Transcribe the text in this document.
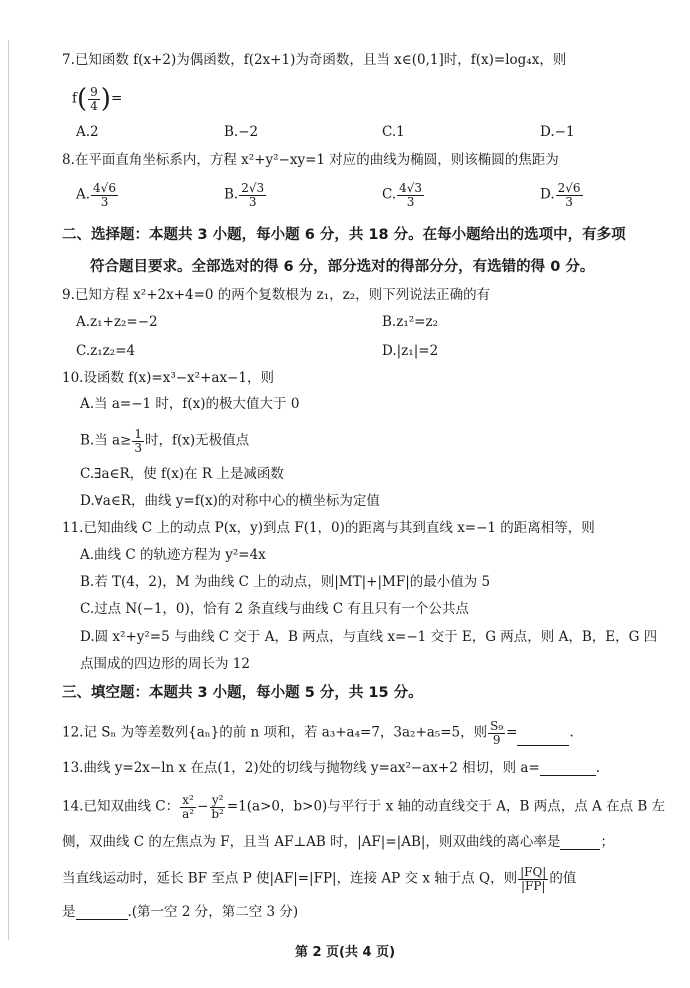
7.已知函数 f(x+2)为偶函数，f(2x+1)为奇函数，且当 x∈(0,1]时，f(x)=log₄x，则
$f( \frac{9}{4}$ )=
A.2	B.−2	C.1	D.−1
8.在平面直角坐标系内，方程 x²+y²−xy=1 对应的曲线为椭圆，则该椭圆的焦距为
A. $\frac{4√6}{3}$	B. $\frac{2√3}{3}$	C. $\frac{4√3}{3}$	D. $\frac{2√6}{3}$
二、选择题：本题共 3 小题，每小题 6 分，共 18 分。在每小题给出的选项中，有多项
符合题目要求。全部选对的得 6 分，部分选对的得部分分，有选错的得 0 分。
9.已知方程 x²+2x+4=0 的两个复数根为 z₁，z₂，则下列说法正确的有
A.z₁+z₂=−2	B.z₁²=z₂
C.z₁z₂=4	D.|z₁|=2
10.设函数 f(x)=x³−x²+ax−1，则
A.当 a=−1 时，f(x)的极大值大于 0
B.当 $a\ge \frac{1}{3}$ 时，f(x)无极值点
C.∃a∈R，使 f(x)在 R 上是减函数
D.∀a∈R，曲线 y=f(x)的对称中心的横坐标为定值
11.已知曲线 C 上的动点 P(x，y)到点 F(1，0)的距离与其到直线 x=−1 的距离相等，则
A.曲线 C 的轨迹方程为 y²=4x
B.若 T(4，2)，M 为曲线 C 上的动点，则|MT|+|MF|的最小值为 5
C.过点 N(−1，0)，恰有 2 条直线与曲线 C 有且只有一个公共点
D.圆 x²+y²=5 与曲线 C 交于 A，B 两点，与直线 x=−1 交于 E，G 两点，则 A，B，E，G 四
点围成的四边形的周长为 12
三、填空题：本题共 3 小题，每小题 5 分，共 15 分。
12.记 Sₙ 为等差数列{aₙ}的前 n 项和，若 a₃+a₄=7，3a₂+a₅=5，则 $\frac{\text{S₉}}{9}$ =	.
13.曲线 y=2x−ln x 在点(1，2)处的切线与抛物线 y=ax²−ax+2 相切，则 a=	.
14.已知双曲线 C： $\frac{\text{x²}}{\text{a²}} - \frac{\text{y²}}{\text{b²}} =1(a>0$，b>0)与平行于 x 轴的动直线交于 A，B 两点，点 A 在点 B 左
侧，双曲线 C 的左焦点为 F，且当 AF⊥AB 时，|AF|=|AB|，则双曲线的离心率是	；
当直线运动时，延长 BF 至点 P 使|AF|=|FP|，连接 AP 交 x 轴于点 Q，则 $\frac{|FQ|}{|FP|}$ 的值
是	.(第一空 2 分，第二空 3 分)
第 2 页(共 4 页)
